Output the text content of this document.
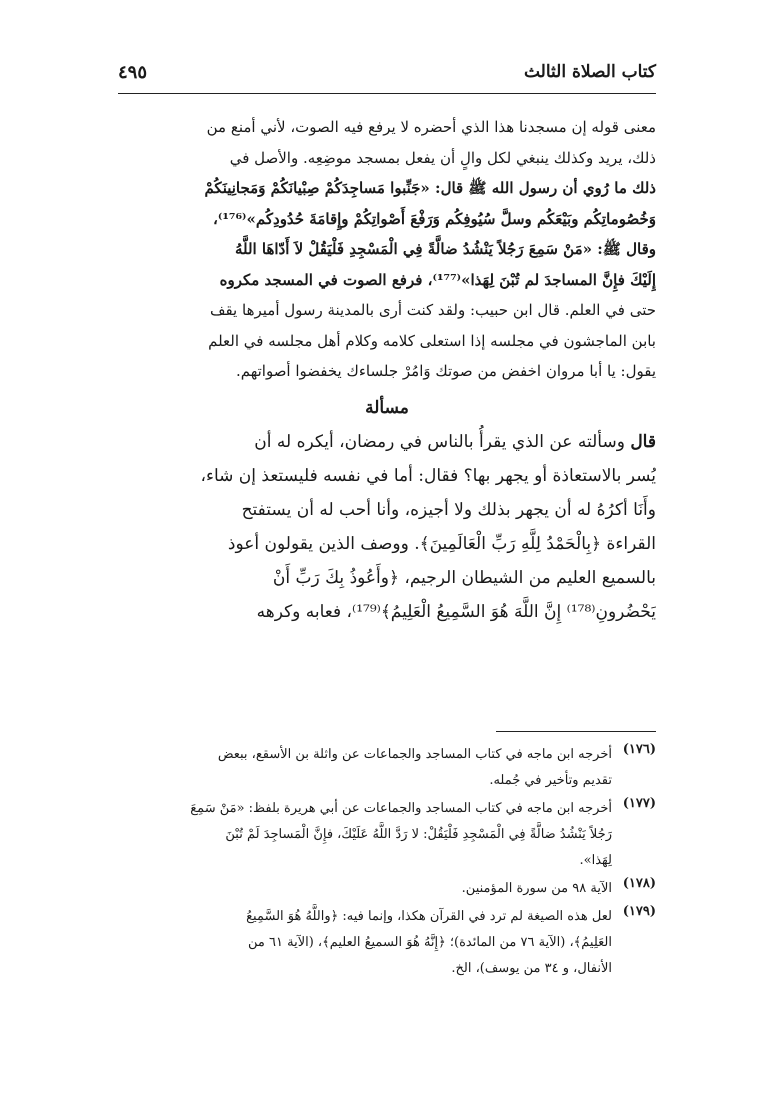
كتاب الصلاة الثالث
٤٩٥
معنى قوله إن مسجدنا هذا الذي أحضره لا يرفع فيه الصوت، لأني أمنع من
ذلك، يريد وكذلك ينبغي لكل والٍ أن يفعل بمسجد موضِعِه. والأصل في
ذلك ما رُوي أن رسول الله ﷺ قال: «جَنِّبوا مَساجِدَكُمْ صِبْيانَكُمْ وَمَجانِينَكُمْ
وَخُصُوماتِكُم وبَيْعَكُم وسلَّ سُيُوفِكُم وَرَفْعَ أَصْواتِكُمْ وإِقامَةَ حُدُودِكُم»⁽¹⁷⁶⁾،
وقال ﷺ: «مَنْ سَمِعَ رَجُلاً يَنْشُدُ ضالَّةً فِي الْمَسْجِدِ فَلْيَقُلْ لاَ أَدّاهَا اللَّهُ
إِلَيْكَ فإِنَّ المساجدَ لم تُبْنَ لِهَذا»⁽¹⁷⁷⁾، فرفع الصوت في المسجد مكروه
حتى في العلم. قال ابن حبيب: ولقد كنت أرى بالمدينة رسول أميرها يقف
بابن الماجشون في مجلسه إذا استعلى كلامه وكلام أهل مجلسه في العلم
يقول: يا أبا مروان اخفض من صوتك وَامُرْ جلساءك يخفضوا أصواتهم.
مسألة
قال وسألته عن الذي يقرأُ بالناس في رمضان، أيكره له أن
يُسر بالاستعاذة أو يجهر بها؟ فقال: أما في نفسه فليستعذ إن شاء،
وأَنَا أكرُهُ له أن يجهر بذلك ولا أجيزه، وأنا أحب له أن يستفتح
القراءة ﴿بِالْحَمْدُ لِلَّهِ رَبِّ الْعَالَمِينَ﴾. ووصف الذين يقولون أعوذ
بالسميع العليم من الشيطان الرجيم، ﴿وأَعُوذُ بِكَ رَبِّ أَنْ
يَحْضُرونِ⁽¹⁷⁸⁾ إِنَّ اللَّهَ هُوَ السَّمِيعُ الْعَلِيمُ﴾⁽¹⁷⁹⁾، فعابه وكرهه
(١٧٦)
أخرجه ابن ماجه في كتاب المساجد والجماعات عن واثلة بن الأسقع، ببعض
تقديم وتأخير في جُمله.
(١٧٧)
أخرجه ابن ماجه في كتاب المساجد والجماعات عن أبي هريرة بلفظ: «مَنْ سَمِعَ
رَجُلاً يَنْشُدُ ضالَّةً فِي الْمَسْجِدِ فَلْيَقُلْ: لا رَدَّ اللَّهُ عَلَيْكَ، فإِنَّ الْمَساجِدَ لَمْ تُبْنَ
لِهَذا».
(١٧٨)
الآية ٩٨ من سورة المؤمنين.
(١٧٩)
لعل هذه الصيغة لم ترد في القرآن هكذا، وإنما فيه: ﴿واللَّهُ هُوَ السَّمِيعُ
العَلِيمُ﴾، (الآية ٧٦ من المائدة)؛ ﴿إِنَّهُ هُوَ السميعُ العليم﴾، (الآية ٦١ من
الأنفال، و ٣٤ من يوسف)، الخ.
